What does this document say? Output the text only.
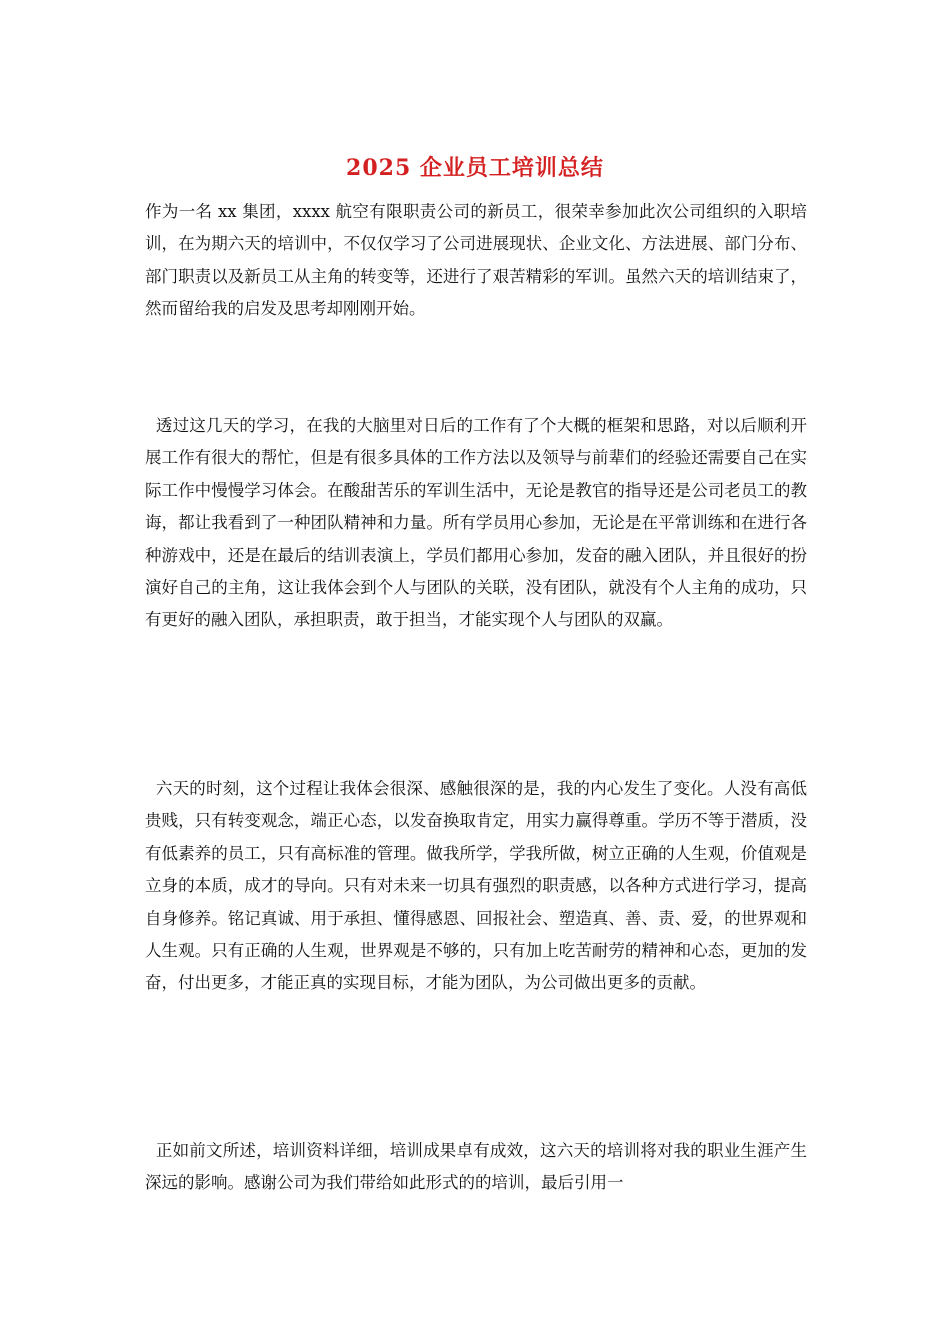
2025 企业员工培训总结

作为一名 xx 集团，xxxx 航空有限职责公司的新员工，很荣幸参加此次公司组织的入职培训，在为期六天的培训中，不仅仅学习了公司进展现状、企业文化、方法进展、部门分布、部门职责以及新员工从主角的转变等，还进行了艰苦精彩的军训。虽然六天的培训结束了，然而留给我的启发及思考却刚刚开始。

透过这几天的学习，在我的大脑里对日后的工作有了个大概的框架和思路，对以后顺利开展工作有很大的帮忙，但是有很多具体的工作方法以及领导与前辈们的经验还需要自己在实际工作中慢慢学习体会。在酸甜苦乐的军训生活中，无论是教官的指导还是公司老员工的教诲，都让我看到了一种团队精神和力量。所有学员用心参加，无论是在平常训练和在进行各种游戏中，还是在最后的结训表演上，学员们都用心参加，发奋的融入团队，并且很好的扮演好自己的主角，这让我体会到个人与团队的关联，没有团队，就没有个人主角的成功，只有更好的融入团队，承担职责，敢于担当，才能实现个人与团队的双赢。

六天的时刻，这个过程让我体会很深、感触很深的是，我的内心发生了变化。人没有高低贵贱，只有转变观念，端正心态，以发奋换取肯定，用实力赢得尊重。学历不等于潜质，没有低素养的员工，只有高标准的管理。做我所学，学我所做，树立正确的人生观，价值观是立身的本质，成才的导向。只有对未来一切具有强烈的职责感，以各种方式进行学习，提高自身修养。铭记真诚、用于承担、懂得感恩、回报社会、塑造真、善、责、爱，的世界观和人生观。只有正确的人生观，世界观是不够的，只有加上吃苦耐劳的精神和心态，更加的发奋，付出更多，才能正真的实现目标，才能为团队，为公司做出更多的贡献。

正如前文所述，培训资料详细，培训成果卓有成效，这六天的培训将对我的职业生涯产生深远的影响。感谢公司为我们带给如此形式的的培训，最后引用一
